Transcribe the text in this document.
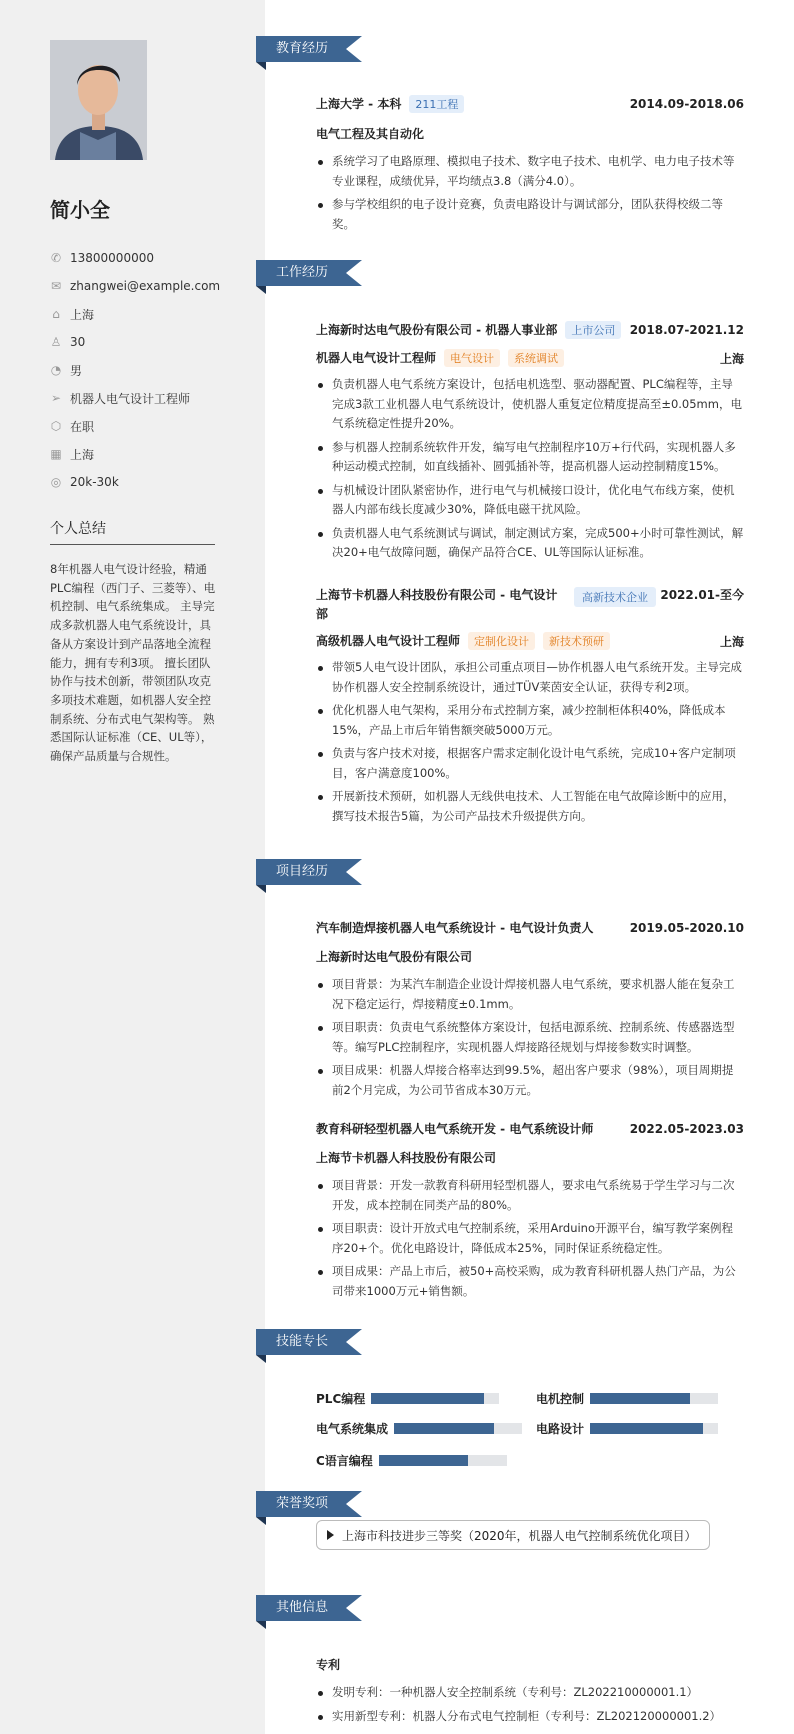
简小全
✆ 13800000000
✉ zhangwei@example.com
⌂ 上海
♙ 30
◔ 男
➢ 机器人电气设计工程师
⬡ 在职
▦ 上海
◎ 20k-30k
个人总结
8年机器人电气设计经验，精通PLC编程（西门子、三菱等）、电机控制、电气系统集成。 主导完成多款机器人电气系统设计，具备从方案设计到产品落地全流程能力，拥有专利3项。 擅长团队协作与技术创新，带领团队攻克多项技术难题，如机器人安全控制系统、分布式电气架构等。 熟悉国际认证标准（CE、UL等），确保产品质量与合规性。
教育经历
工作经历
项目经历
技能专长
荣誉奖项
其他信息
上海大学 - 本科 211工程	2014.09-2018.06
电气工程及其自动化
系统学习了电路原理、模拟电子技术、数字电子技术、电机学、电力电子技术等专业课程，成绩优异，平均绩点3.8（满分4.0）。
参与学校组织的电子设计竞赛，负责电路设计与调试部分，团队获得校级二等奖。
上海新时达电气股份有限公司 - 机器人事业部 上市公司	2018.07-2021.12
机器人电气设计工程师 电气设计 系统调试	上海
负责机器人电气系统方案设计，包括电机选型、驱动器配置、PLC编程等，主导完成3款工业机器人电气系统设计，使机器人重复定位精度提高至±0.05mm，电气系统稳定性提升20%。
参与机器人控制系统软件开发，编写电气控制程序10万+行代码，实现机器人多种运动模式控制，如直线插补、圆弧插补等，提高机器人运动控制精度15%。
与机械设计团队紧密协作，进行电气与机械接口设计，优化电气布线方案，使机器人内部布线长度减少30%，降低电磁干扰风险。
负责机器人电气系统测试与调试，制定测试方案，完成500+小时可靠性测试，解决20+电气故障问题，确保产品符合CE、UL等国际认证标准。
上海节卡机器人科技股份有限公司 - 电气设计部
高新技术企业	2022.01-至今
高级机器人电气设计工程师 定制化设计 新技术预研	上海
带领5人电气设计团队，承担公司重点项目—协作机器人电气系统开发。主导完成协作机器人安全控制系统设计，通过TÜV莱茵安全认证，获得专利2项。
优化机器人电气架构，采用分布式控制方案，减少控制柜体积40%，降低成本15%，产品上市后年销售额突破5000万元。
负责与客户技术对接，根据客户需求定制化设计电气系统，完成10+客户定制项目，客户满意度100%。
开展新技术预研，如机器人无线供电技术、人工智能在电气故障诊断中的应用，撰写技术报告5篇，为公司产品技术升级提供方向。
汽车制造焊接机器人电气系统设计 - 电气设计负责人	2019.05-2020.10
上海新时达电气股份有限公司
项目背景：为某汽车制造企业设计焊接机器人电气系统，要求机器人能在复杂工况下稳定运行，焊接精度±0.1mm。
项目职责：负责电气系统整体方案设计，包括电源系统、控制系统、传感器选型等。编写PLC控制程序，实现机器人焊接路径规划与焊接参数实时调整。
项目成果：机器人焊接合格率达到99.5%，超出客户要求（98%），项目周期提前2个月完成，为公司节省成本30万元。
教育科研轻型机器人电气系统开发 - 电气系统设计师	2022.05-2023.03
上海节卡机器人科技股份有限公司
项目背景：开发一款教育科研用轻型机器人，要求电气系统易于学生学习与二次开发，成本控制在同类产品的80%。
项目职责：设计开放式电气控制系统，采用Arduino开源平台，编写教学案例程序20+个。优化电路设计，降低成本25%，同时保证系统稳定性。
项目成果：产品上市后，被50+高校采购，成为教育科研机器人热门产品，为公司带来1000万元+销售额。
PLC编程	电机控制
电气系统集成	电路设计
C语言编程
上海市科技进步三等奖（2020年，机器人电气控制系统优化项目）
专利
发明专利：一种机器人安全控制系统（专利号：ZL202210000001.1）
实用新型专利：机器人分布式电气控制柜（专利号：ZL202120000001.2）
